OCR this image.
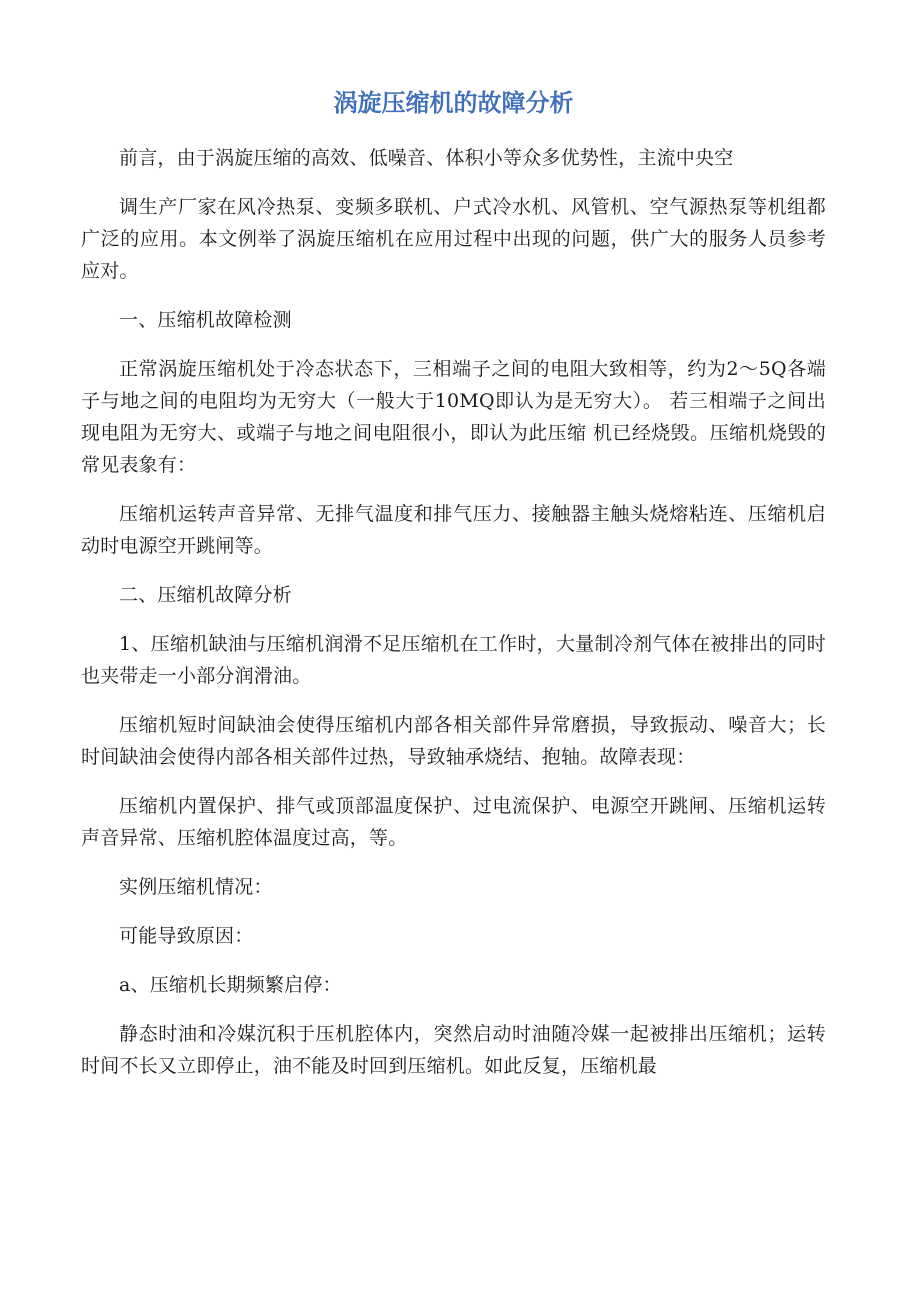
涡旋压缩机的故障分析

前言，由于涡旋压缩的高效、低噪音、体积小等众多优势性，主流中央空

调生产厂家在风冷热泵、变频多联机、户式冷水机、风管机、空气源热泵等机组都广泛的应用。本文例举了涡旋压缩机在应用过程中出现的问题，供广大的服务人员参考应对。

一、压缩机故障检测

正常涡旋压缩机处于冷态状态下，三相端子之间的电阻大致相等，约为2〜5Q各端子与地之间的电阻均为无穷大（一般大于10MQ即认为是无穷大）。 若三相端子之间出现电阻为无穷大、或端子与地之间电阻很小，即认为此压缩 机已经烧毁。压缩机烧毁的常见表象有：

压缩机运转声音异常、无排气温度和排气压力、接触器主触头烧熔粘连、压缩机启动时电源空开跳闸等。

二、压缩机故障分析

1、压缩机缺油与压缩机润滑不足压缩机在工作时，大量制冷剂气体在被排出的同时也夹带走一小部分润滑油。

压缩机短时间缺油会使得压缩机内部各相关部件异常磨损，导致振动、噪音大；长时间缺油会使得内部各相关部件过热，导致轴承烧结、抱轴。故障表现：

压缩机内置保护、排气或顶部温度保护、过电流保护、电源空开跳闸、压缩机运转声音异常、压缩机腔体温度过高，等。

实例压缩机情况：

可能导致原因：

a、压缩机长期频繁启停：

静态时油和冷媒沉积于压机腔体内，突然启动时油随冷媒一起被排出压缩机；运转时间不长又立即停止，油不能及时回到压缩机。如此反复，压缩机最
